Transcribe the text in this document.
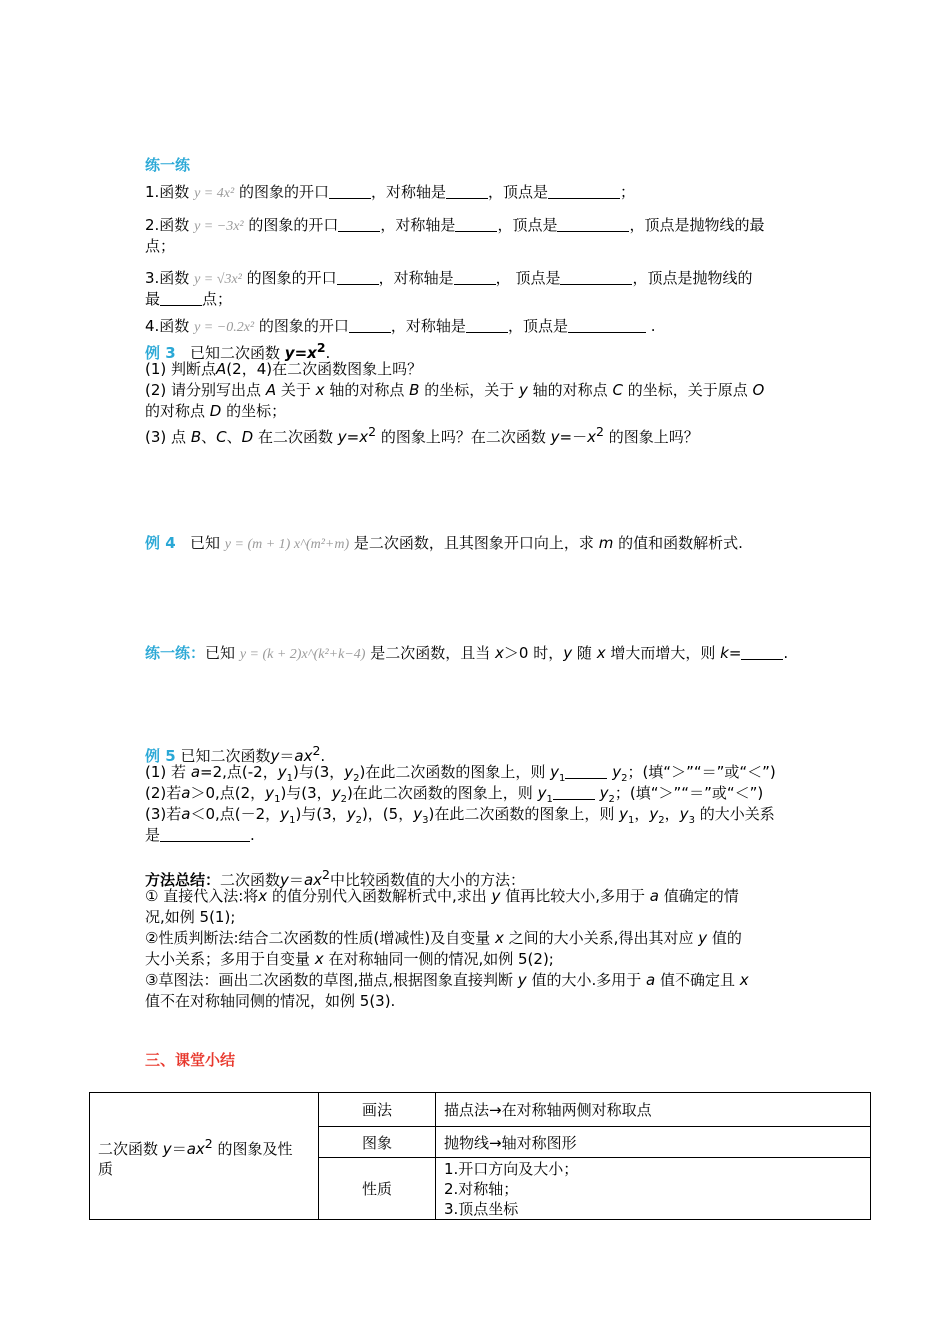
练一练
1.函数 y = 4x² 的图象的开口	，对称轴是	，顶点是	；
2.函数 y = −3x² 的图象的开口	，对称轴是	，顶点是	，顶点是抛物线的最
点；
3.函数 y = √3x² 的图象的开口	，对称轴是	， 顶点是	，顶点是抛物线的
最	点；
4.函数 y = −0.2x² 的图象的开口	，对称轴是	，顶点是	.
例 3 已知二次函数 $y=x^2$.
(1) 判断点A(2，4)在二次函数图象上吗？
(2) 请分别写出点 A 关于 x 轴的对称点 B 的坐标，关于 y 轴的对称点 C 的坐标，关于原点 O
的对称点 D 的坐标；
(3) 点 B、C、D 在二次函数 $y=x^2$ 的图象上吗？在二次函数 $y=-x^2$ 的图象上吗？
例 4 已知 y = (m + 1) x^(m²+m) 是二次函数，且其图象开口向上，求 m 的值和函数解析式.
练一练：已知 y = (k + 2)x^(k²+k−4) 是二次函数，且当 x＞0 时，y 随 x 增大而增大，则 k=	.
例 5 已知二次函数$y=ax^2$.
(1) 若 a=2,点(-2，$y_1$)与(3，$y_2$)在此二次函数的图象上，则 $y_1$	$y_2$；(填“＞”“＝”或“＜”)
(2)若a＞0,点(2，$y_1$)与(3，$y_2$)在此二次函数的图象上，则 $y_1$	$y_2$；(填“＞”“＝”或“＜”)
(3)若a＜0,点(－2，$y_1$)与(3，$y_2$)，(5，$y_3$)在此二次函数的图象上，则 $y_1$，$y_2$，$y_3$ 的大小关系
是	.
方法总结：二次函数$y=ax^2$中比较函数值的大小的方法：
① 直接代入法:将x 的值分别代入函数解析式中,求出 y 值再比较大小,多用于 a 值确定的情
况,如例 5(1);
②性质判断法:结合二次函数的性质(增减性)及自变量 x 之间的大小关系,得出其对应 y 值的
大小关系；多用于自变量 x 在对称轴同一侧的情况,如例 5(2);
③草图法：画出二次函数的草图,描点,根据图象直接判断 y 值的大小.多用于 a 值不确定且 x
值不在对称轴同侧的情况，如例 5(3).
三、课堂小结
二次函数 $y=ax^2$ 的图象及性
质	画法	描点法→在对称轴两侧对称取点
	图象	抛物线→轴对称图形
	性质	1.开口方向及大小；
2.对称轴；
3.顶点坐标
